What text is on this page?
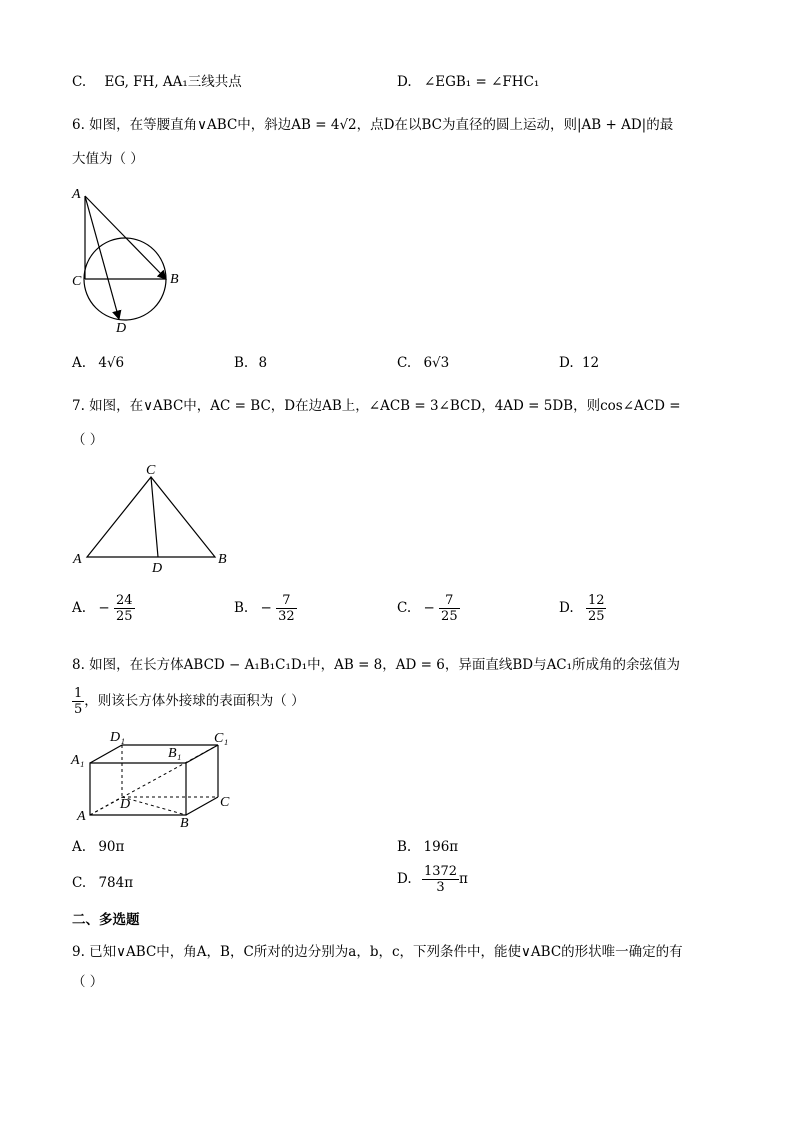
C. EG, FH, AA₁三线共点	D. ∠EGB₁ = ∠FHC₁
6. 如图，在等腰直角∨ABC中，斜边AB = 4√2，点D在以BC为直径的圆上运动，则|AB + AD|的最
大值为（ ）
A
C	B
D
A. 4√6	B. 8	C. 6√3	D. 12
7. 如图，在∨ABC中，AC = BC，D在边AB上，∠ACB = 3∠BCD，4AD = 5DB，则cos∠ACD =
（ ）
C
A	B
D
A. − $\frac{24}{25}$	B. − $\frac{7}{32}$	C. − $\frac{7}{25}$	D. $\frac{12}{25}$
8. 如图，在长方体ABCD − A₁B₁C₁D₁中，AB = 8，AD = 6，异面直线BD与AC₁所成角的余弦值为
$\frac{1}{5}$ ，则该长方体外接球的表面积为（ ）
A₁
D₁
B₁
C₁
A
D
B
C
A. 90π	B. 196π
C. 784π	D. $\frac{1372}{3}$ π
二、多选题
9. 已知∨ABC中，角A，B，C所对的边分别为a，b，c，下列条件中，能使∨ABC的形状唯一确定的有
（ ）
